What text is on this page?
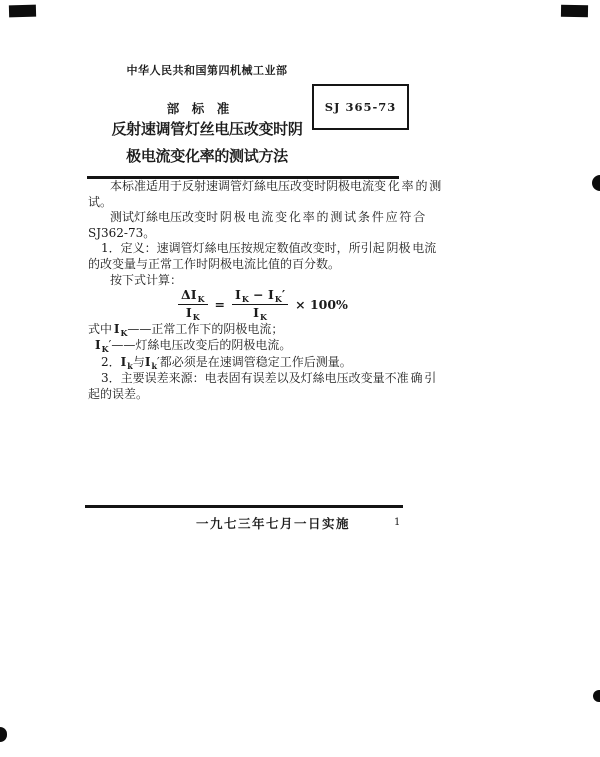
中华人民共和国第四机械工业部
部　标　准
反射速调管灯丝电压改变时阴
极电流变化率的测试方法
SJ 365-73
本标准适用于反射速调管灯絲电压改变时阴极电流变 化 率 的 测
试。
测试灯絲电压改变时 阴 极 电 流 变 化 率 的 测 试 条 件 应 符 合
SJ362-73。
1．定义：速调管灯絲电压按规定数值改变时，所引起 阴极 电流
的改变量与正常工作时阴极电流比值的百分数。
按下式计算：
$\frac{\Delta I_K}{I_K} = \frac{I_K - I_K'}{I_K} \times 100\%$
式中 $I_K——$正常工作下的阴极电流；
$I_K'——$灯絲电压改变后的阴极电流。
2．$I_k$与$I_k'$都必须是在速调管稳定工作后测量。
3．主要误差来源：电表固有误差以及灯絲电压改变量不准 确 引
起的误差。
一九七三年七月一日实施	1
